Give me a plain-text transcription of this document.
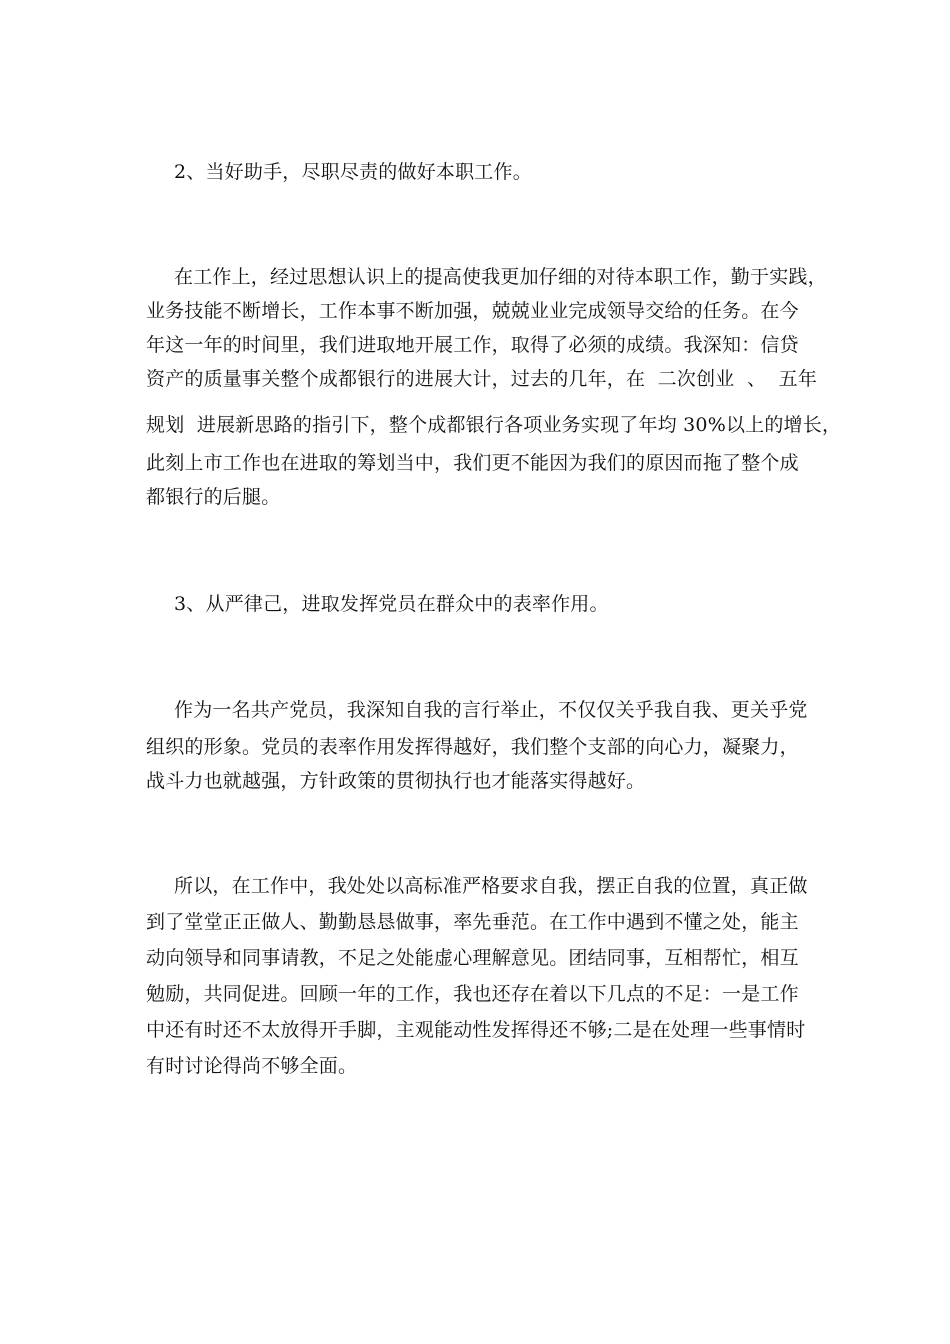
2、当好助手，尽职尽责的做好本职工作。
在工作上，经过思想认识上的提高使我更加仔细的对待本职工作，勤于实践，
业务技能不断增长，工作本事不断加强，兢兢业业完成领导交给的任务。在今
年这一年的时间里，我们进取地开展工作，取得了必须的成绩。我深知：信贷
资产的质量事关整个成都银行的进展大计，过去的几年，在  二次创业  、  五年
规划  进展新思路的指引下，整个成都银行各项业务实现了年均 30%以上的增长，
此刻上市工作也在进取的筹划当中，我们更不能因为我们的原因而拖了整个成
都银行的后腿。
3、从严律己，进取发挥党员在群众中的表率作用。
作为一名共产党员，我深知自我的言行举止，不仅仅关乎我自我、更关乎党
组织的形象。党员的表率作用发挥得越好，我们整个支部的向心力，凝聚力，
战斗力也就越强，方针政策的贯彻执行也才能落实得越好。
所以，在工作中，我处处以高标准严格要求自我，摆正自我的位置，真正做
到了堂堂正正做人、勤勤恳恳做事，率先垂范。在工作中遇到不懂之处，能主
动向领导和同事请教，不足之处能虚心理解意见。团结同事，互相帮忙，相互
勉励，共同促进。回顾一年的工作，我也还存在着以下几点的不足：一是工作
中还有时还不太放得开手脚，主观能动性发挥得还不够;二是在处理一些事情时
有时讨论得尚不够全面。
